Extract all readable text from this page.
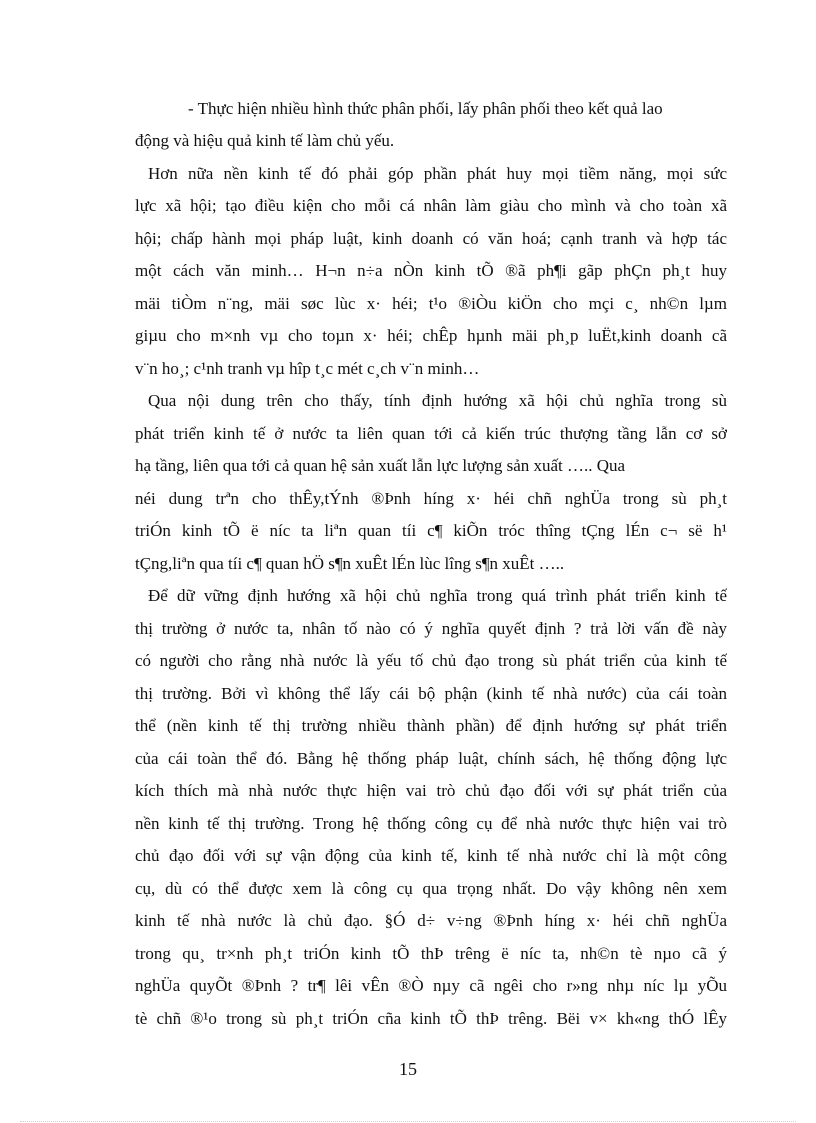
- Thực hiện nhiều hình thức phân phối, lấy phân phối theo kết quả lao
động và hiệu quả kinh tế làm chủ yếu.
Hơn nữa nền kinh tế đó phải góp phần phát huy mọi tiềm năng, mọi sức
lực xã hội; tạo điều kiện cho mỗi cá nhân làm giàu cho mình và cho toàn xã
hội; chấp hành mọi pháp luật, kinh doanh có văn hoá; cạnh tranh và hợp tác
một cách văn minh… H¬n n÷a nÒn kinh tÕ ®ã ph¶i gãp phÇn ph¸t huy
mäi tiÒm n¨ng, mäi søc lùc x· héi; t¹o ®iÒu kiÖn cho mçi c¸ nh©n lµm
giµu cho m×nh vµ cho toµn x· héi; chÊp hµnh mäi ph¸p luËt,kinh doanh cã
v¨n ho¸; c¹nh tranh vµ hîp t¸c mét c¸ch v¨n minh…
Qua nội dung trên cho thấy, tính định hướng xã hội chủ nghĩa trong sù
phát triển kinh tế ở nước ta liên quan tới cả kiến trúc thượng tầng lẫn cơ sở
hạ tầng, liên qua tới cả quan hệ sản xuất lẫn lực lượng sản xuất ….. Qua
néi dung trªn cho thÊy,tÝnh ®Þnh híng x· héi chñ nghÜa trong sù ph¸t
triÓn kinh tÕ ë níc ta liªn quan tíi c¶ kiÕn tróc thîng tÇng lÉn c¬ së h¹
tÇng,liªn qua tíi c¶ quan hÖ s¶n xuÊt lÉn lùc lîng s¶n xuÊt …..
Để dữ vững định hướng xã hội chủ nghĩa trong quá trình phát triển kinh tế
thị trường ở nước ta, nhân tố nào có ý nghĩa quyết định ? trả lời vấn đề này
có người cho rằng nhà nước là yếu tố chủ đạo trong sù phát triển của kinh tế
thị trường. Bởi vì không thể lấy cái bộ phận (kinh tế nhà nước) của cái toàn
thể (nền kinh tế thị trường nhiều thành phần) để định hướng sự phát triển
của cái toàn thể đó. Bằng hệ thống pháp luật, chính sách, hệ thống động lực
kích thích mà nhà nước thực hiện vai trò chủ đạo đối với sự phát triển của
nền kinh tế thị trường. Trong hệ thống công cụ để nhà nước thực hiện vai trò
chủ đạo đối với sự vận động của kinh tế, kinh tế nhà nước chỉ là một công
cụ, dù có thể được xem là công cụ qua trọng nhất. Do vậy không nên xem
kinh tế nhà nước là chủ đạo. §Ó d÷ v÷ng ®Þnh híng x· héi chñ nghÜa
trong qu¸ tr×nh ph¸t triÓn kinh tÕ thÞ trêng ë níc ta, nh©n tè nµo cã ý
nghÜa quyÕt ®Þnh ? tr¶ lêi vÊn ®Ò nµy cã ngêi cho r»ng nhµ níc lµ yÕu
tè chñ ®¹o trong sù ph¸t triÓn cña kinh tÕ thÞ trêng. Bëi v× kh«ng thÓ lÊy
15
